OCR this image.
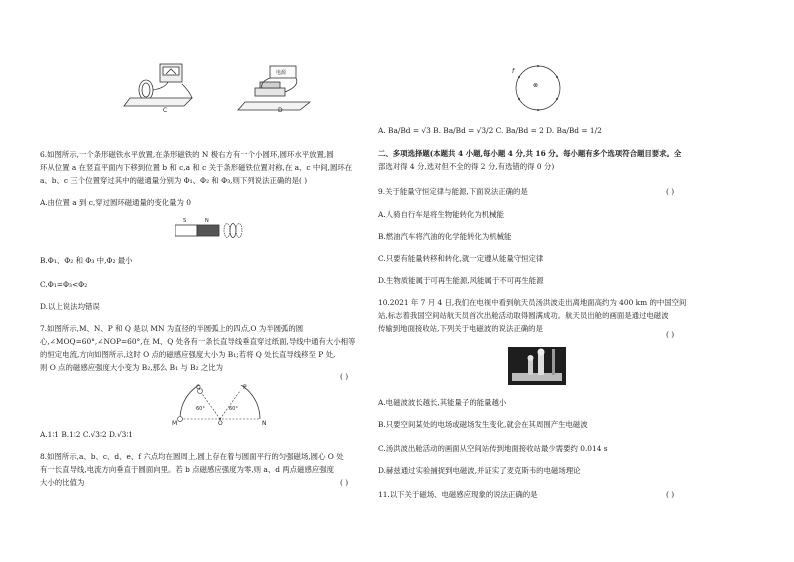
C	D
电源
6.如图所示,一个条形磁铁水平放置,在条形磁铁的 N 极右方有一个小圆环,圆环水平放置,圆
环从位置 a 在竖直平面内下移到位置 b 和 c,a 和 c 关于条形磁铁位置对称,在 a、c 中间,圆环在
a、b、c 三个位置穿过其中的磁通量分别为 Φ₁、Φ₂ 和 Φ₃,则下列说法正确的是( )
A.由位置 a 到 c,穿过圆环磁通量的变化量为 0
S	N
B.Φ₁、Φ₂ 和 Φ₃ 中,Φ₂ 最小
C.Φ₁=Φ₃<Φ₂
D.以上说法均错误
7.如图所示,M、N、P 和 Q 是以 MN 为直径的半圆弧上的四点,O 为半圆弧的圆
心,∠MOQ=60°,∠NOP=60°,在 M、Q 处各有一条长直导线垂直穿过纸面,导线中通有大小相等
的恒定电流,方向如图所示,这时 O 点的磁感应强度大小为 B₁;若将 Q 处长直导线移至 P 处,
则 O 点的磁感应强度大小变为 B₂,那么 B₁ 与 B₂ 之比为
( )
Q	P
M	O	N
60°	60°
A.1∶1 B.1∶2 C.√3∶2 D.√3∶1
8.如图所示,a、b、c、d、e、f 六点均在圆周上,圆上存在着与圆面平行的匀强磁场,圆心 O 处
有一长直导线,电流方向垂直于圆面向里。若 b 点磁感应强度为零,则 a、d 两点磁感应强度
大小的比值为	( )
⊗
f
A. Ba/Bd = √3 B. Ba/Bd = √3/2 C. Ba/Bd = 2 D. Ba/Bd = 1/2
二、多项选择题(本题共 4 小题,每小题 4 分,共 16 分。每小题有多个选项符合题目要求。全
部选对得 4 分,选对但不全的得 2 分,有选错的得 0 分)
9.关于能量守恒定律与能源,下面说法正确的是	( )
A.人骑自行车是将生物能转化为机械能
B.燃油汽车将汽油的化学能转化为机械能
C.只要有能量转移和转化,就一定遵从能量守恒定律
D.生物质能属于可再生能源,风能属于不可再生能源
10.2021 年 7 月 4 日,我们在电视中看到航天员汤洪波走出离地面高约为 400 km 的中国空间
站,标志着我国空间站航天员首次出舱活动取得圆满成功。航天员出舱的画面是通过电磁波
传输到地面接收站,下列关于电磁波的说法正确的是
( )
A.电磁波波长越长,其能量子的能量越小
B.只要空间某处的电场或磁场发生变化,就会在其周围产生电磁波
C.汤洪波出舱活动的画面从空间站传到地面接收站最少需要约 0.014 s
D.赫兹通过实验捕捉到电磁波,并证实了麦克斯韦的电磁场理论
11.以下关于磁场、电磁感应现象的说法正确的是	( )
